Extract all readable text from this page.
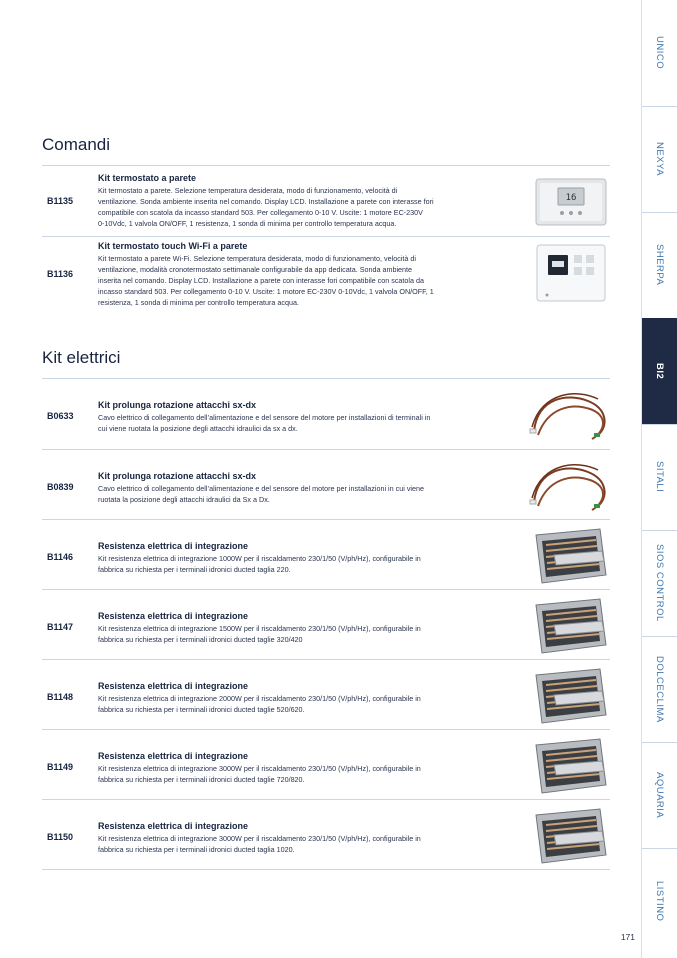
Comandi
B1135

Kit termostato a parete

Kit termostato a parete. Selezione temperatura desiderata, modo di funzionamento, velocità di

ventilazione. Sonda ambiente inserita nel comando. Display LCD. Installazione a parete con interasse fori

compatibile con scatola da incasso standard 503. Per collegamento 0-10 V. Uscite: 1 motore EC-230V

0-10Vdc, 1 valvola ON/OFF, 1 resistenza, 1 sonda di minima per controllo temperatura acqua.

16
B1136

Kit termostato touch Wi-Fi a parete

Kit termostato a parete Wi-Fi. Selezione temperatura desiderata, modo di funzionamento, velocità di

ventilazione, modalità cronotermostato settimanale configurabile da app dedicata. Sonda ambiente

inserita nel comando. Display LCD. Installazione a parete con interasse fori compatibile con scatola da

incasso standard 503. Per collegamento 0-10 V. Uscite: 1 motore EC-230V 0-10Vdc, 1 valvola ON/OFF, 1

resistenza, 1 sonda di minima per controllo temperatura acqua.

Kit elettrici
B0633

Kit prolunga rotazione attacchi sx-dx

Cavo elettrico di collegamento dell’alimentazione e del sensore del motore per installazioni di terminali in

cui viene ruotata la posizione degli attacchi idraulici da sx a dx.

B0839

Kit prolunga rotazione attacchi sx-dx

Cavo elettrico di collegamento dell’alimentazione e del sensore del motore per installazioni in cui viene

ruotata la posizione degli attacchi idraulici da Sx a Dx.

B1146

Resistenza elettrica di integrazione

Kit resistenza elettrica di integrazione 1000W per il riscaldamento 230/1/50 (V/ph/Hz), configurabile in

fabbrica su richiesta per i terminali idronici ducted taglia 220.

B1147

Resistenza elettrica di integrazione

Kit resistenza elettrica di integrazione 1500W per il riscaldamento 230/1/50 (V/ph/Hz), configurabile in

fabbrica su richiesta per i terminali idronici ducted taglie 320/420

B1148

Resistenza elettrica di integrazione

Kit resistenza elettrica di integrazione 2000W per il riscaldamento 230/1/50 (V/ph/Hz), configurabile in

fabbrica su richiesta per i terminali idronici ducted taglie 520/620.

B1149

Resistenza elettrica di integrazione

Kit resistenza elettrica di integrazione 3000W per il riscaldamento 230/1/50 (V/ph/Hz), configurabile in

fabbrica su richiesta per i terminali idronici ducted taglie 720/820.

B1150

Resistenza elettrica di integrazione

Kit resistenza elettrica di integrazione 3000W per il riscaldamento 230/1/50 (V/ph/Hz), configurabile in

fabbrica su richiesta per i terminali idronici ducted taglia 1020.

UNICO
NEXYA
SHERPA
BI2
SITALI
SIOS CONTROL
DOLCECLIMA
AQUARIA
LISTINO
171
